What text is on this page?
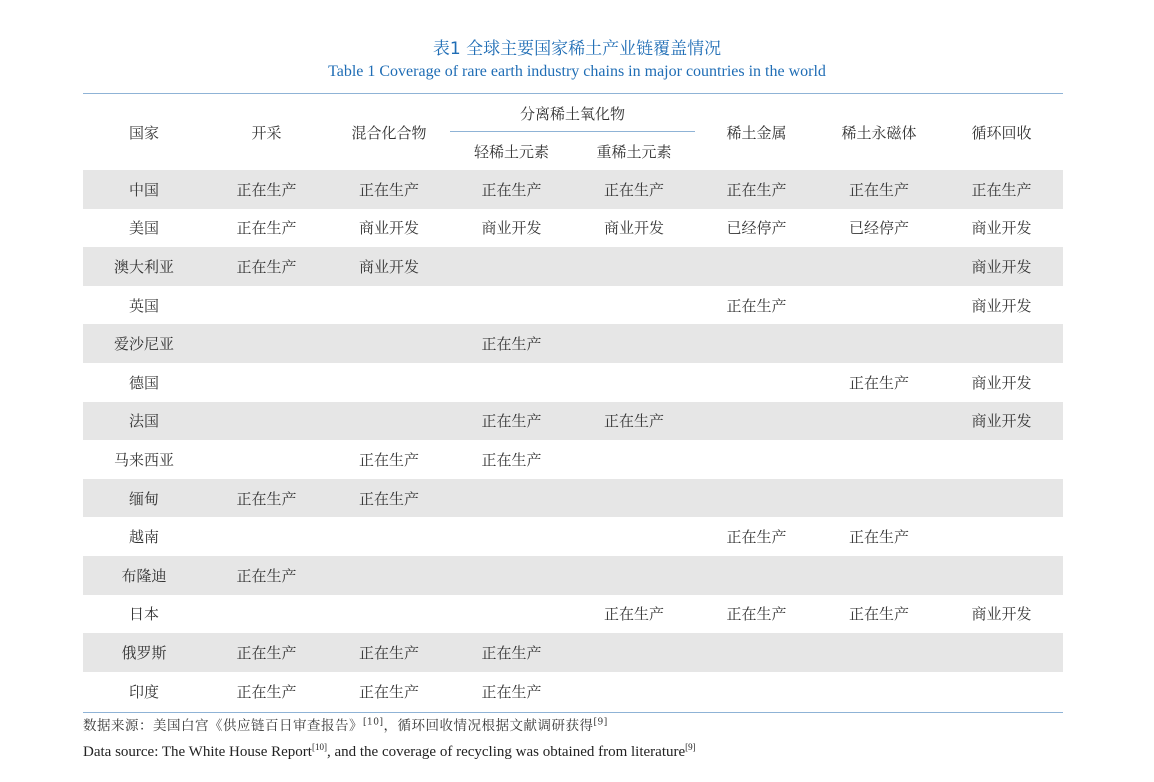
表1 全球主要国家稀土产业链覆盖情况
Table 1 Coverage of rare earth industry chains in major countries in the world
国家	开采	混合化合物	分离稀土氧化物		稀土金属	稀土永磁体	循环回收
			轻稀土元素	重稀土元素			
中国	正在生产	正在生产	正在生产	正在生产	正在生产	正在生产	正在生产
美国	正在生产	商业开发	商业开发	商业开发	已经停产	已经停产	商业开发
澳大利亚	正在生产	商业开发					商业开发
英国					正在生产		商业开发
爱沙尼亚			正在生产				
德国						正在生产	商业开发
法国			正在生产	正在生产			商业开发
马来西亚		正在生产	正在生产				
缅甸	正在生产	正在生产					
越南					正在生产	正在生产	
布隆迪	正在生产						
日本				正在生产	正在生产	正在生产	商业开发
俄罗斯	正在生产	正在生产	正在生产				
印度	正在生产	正在生产	正在生产				
数据来源：美国白宫《供应链百日审查报告》[10]，循环回收情况根据文献调研获得[9]
Data source: The White House Report[10], and the coverage of recycling was obtained from literature[9]
